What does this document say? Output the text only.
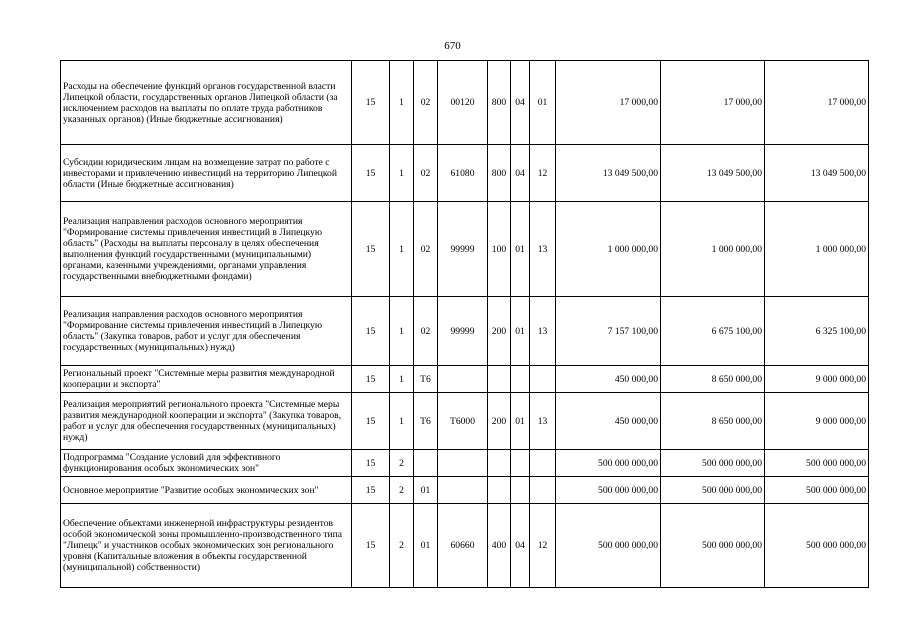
670
Расходы на обеспечение функций органов государственной власти Липецкой области, государственных органов Липецкой области (за исключением расходов на выплаты по оплате труда работников указанных органов) (Иные бюджетные ассигнования)	15	1	02	00120	800	04	01	17 000,00	17 000,00	17 000,00
Субсидии юридическим лицам на возмещение затрат по работе с инвесторами и привлечению инвестиций на территорию Липецкой области (Иные бюджетные ассигнования)	15	1	02	61080	800	04	12	13 049 500,00	13 049 500,00	13 049 500,00
Реализация направления расходов основного мероприятия "Формирование системы привлечения инвестиций в Липецкую область" (Расходы на выплаты персоналу в целях обеспечения выполнения функций государственными (муниципальными) органами, казенными учреждениями, органами управления государственными внебюджетными фондами)	15	1	02	99999	100	01	13	1 000 000,00	1 000 000,00	1 000 000,00
Реализация направления расходов основного мероприятия "Формирование системы привлечения инвестиций в Липецкую область" (Закупка товаров, работ и услуг для обеспечения государственных (муниципальных) нужд)	15	1	02	99999	200	01	13	7 157 100,00	6 675 100,00	6 325 100,00
Региональный проект "Системные меры развития международной кооперации и экспорта"	15	1	T6					450 000,00	8 650 000,00	9 000 000,00
Реализация мероприятий регионального проекта "Системные меры развития международной кооперации и экспорта" (Закупка товаров, работ и услуг для обеспечения государственных (муниципальных) нужд)	15	1	T6	T6000	200	01	13	450 000,00	8 650 000,00	9 000 000,00
Подпрограмма "Создание условий для эффективного функционирования особых экономических зон"	15	2						500 000 000,00	500 000 000,00	500 000 000,00
Основное мероприятие "Развитие особых экономических зон"	15	2	01					500 000 000,00	500 000 000,00	500 000 000,00
Обеспечение объектами инженерной инфраструктуры резидентов особой экономической зоны промышленно-производственного типа "Липецк" и участников особых экономических зон регионального уровня (Капитальные вложения в объекты государственной (муниципальной) собственности)	15	2	01	60660	400	04	12	500 000 000,00	500 000 000,00	500 000 000,00
